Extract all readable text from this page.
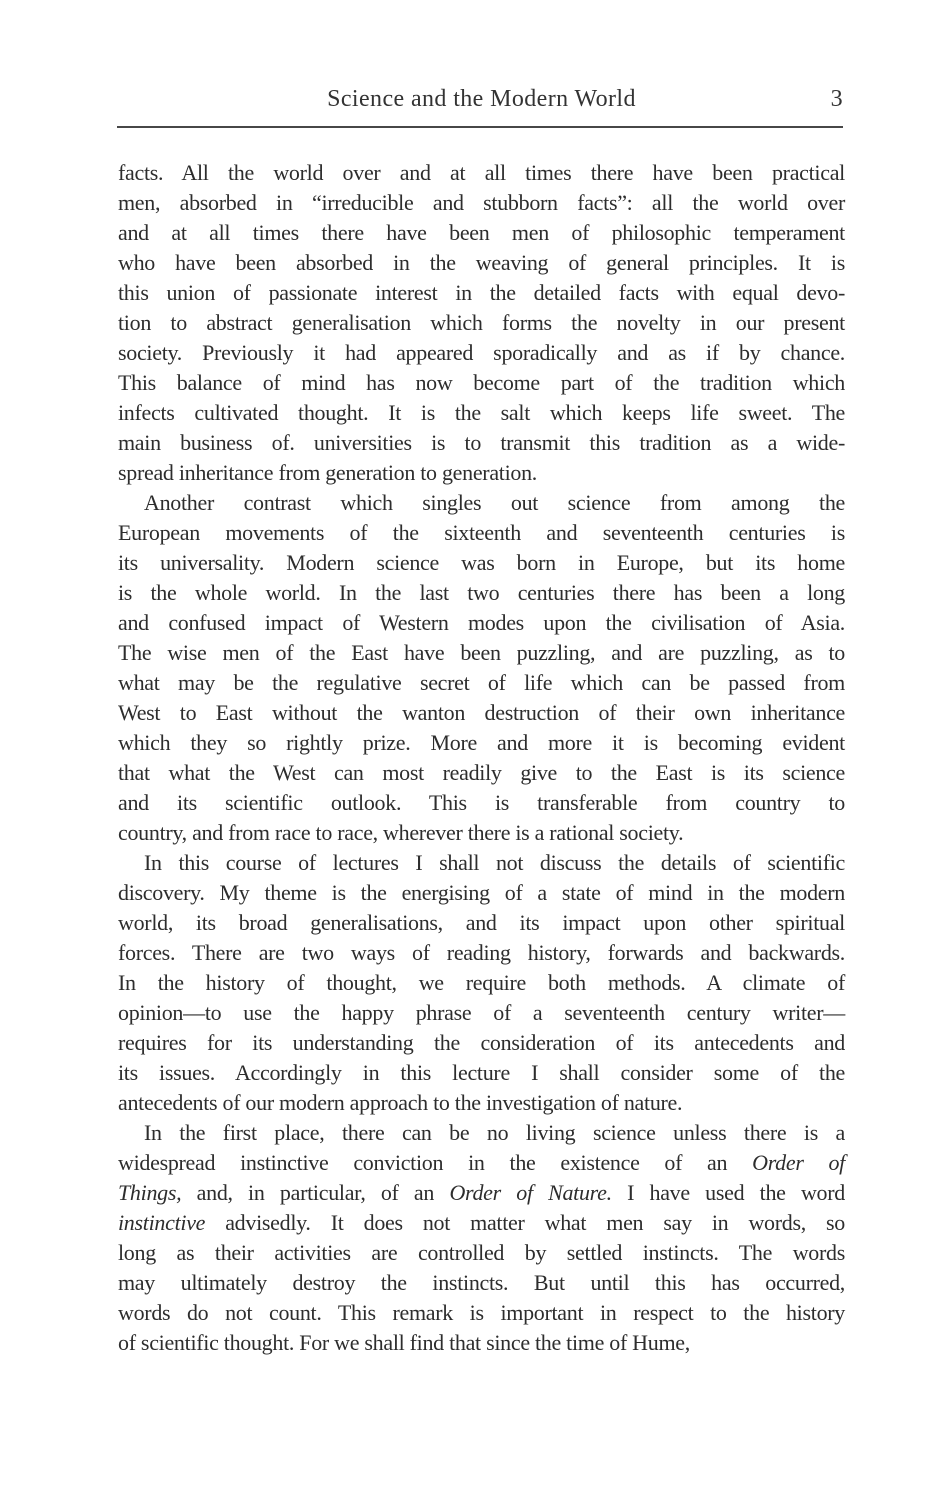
Science and the Modern World	3
facts. All the world over and at all times there have been practical
men, absorbed in “irreducible and stubborn facts”: all the world over
and at all times there have been men of philosophic temperament
who have been absorbed in the weaving of general principles. It is
this union of passionate interest in the detailed facts with equal devo-
tion to abstract generalisation which forms the novelty in our present
society. Previously it had appeared sporadically and as if by chance.
This balance of mind has now become part of the tradition which
infects cultivated thought. It is the salt which keeps life sweet. The
main business of. universities is to transmit this tradition as a wide-
spread inheritance from generation to generation.
Another contrast which singles out science from among the
European movements of the sixteenth and seventeenth centuries is
its universality. Modern science was born in Europe, but its home
is the whole world. In the last two centuries there has been a long
and confused impact of Western modes upon the civilisation of Asia.
The wise men of the East have been puzzling, and are puzzling, as to
what may be the regulative secret of life which can be passed from
West to East without the wanton destruction of their own inheritance
which they so rightly prize. More and more it is becoming evident
that what the West can most readily give to the East is its science
and its scientific outlook. This is transferable from country to
country, and from race to race, wherever there is a rational society.
In this course of lectures I shall not discuss the details of scientific
discovery. My theme is the energising of a state of mind in the modern
world, its broad generalisations, and its impact upon other spiritual
forces. There are two ways of reading history, forwards and backwards.
In the history of thought, we require both methods. A climate of
opinion—to use the happy phrase of a seventeenth century writer—
requires for its understanding the consideration of its antecedents and
its issues. Accordingly in this lecture I shall consider some of the
antecedents of our modern approach to the investigation of nature.
In the first place, there can be no living science unless there is a
widespread instinctive conviction in the existence of an Order of
Things, and, in particular, of an Order of Nature. I have used the word
instinctive advisedly. It does not matter what men say in words, so
long as their activities are controlled by settled instincts. The words
may ultimately destroy the instincts. But until this has occurred,
words do not count. This remark is important in respect to the history
of scientific thought. For we shall find that since the time of Hume,
